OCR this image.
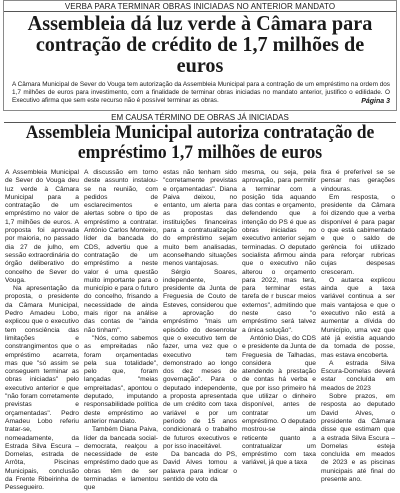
VERBA PARA TERMINAR OBRAS INICIADAS NO ANTERIOR MANDATO
Assembleia dá luz verde à Câmara para contração de crédito de 1,7 milhões de euros
A Câmara Municipal de Sever do Vouga tem autorização da Assembleia Municipal para a contração de um empréstimo na ordem dos 1,7 milhões de euros para investimento, com a finalidade de terminar obras iniciadas no mandato anterior, justifico o edilidade. O Executivo afirma que sem este recurso não é possível terminar as obras.	Página 3
EM CAUSA TÉRMINO DE OBRAS JÁ INICIADAS
Assembleia Municipal autoriza contratação de empréstimo 1,7 milhões de euros

A Assembleia Municipal de Sever do Vouga deu luz verde à Câmara Municipal para a contratação de um empréstimo no valor de 1,7 milhões de euros. A proposta foi aprovada por maioria, no passado dia 27 de julho, em sessão extraordinária do órgão deliberativo do concelho de Sever do Vouga.

Na apresentação da proposta, o presidente da Câmara Municipal, Pedro Amadeu Lobo, explicou que o executivo tem consciência das limitações e constrangimentos que o empréstimo acarreta, mas que "só assim se conseguem terminar as obras iniciadas" pelo executivo anterior e que "não foram corretamente previstas e orçamentadas". Pedro Amadeu Lobo referiu tratar-se, nomeadamente, da Estrada Silva Escura – Dornelas, estrada de Arrôta, Piscinas Municipais, conclusão da Frente Ribeirinha de Pessegueiro.

A discussão em torno deste assunto instalou-se na reunião, com pedidos de esclarecimentos e alertas sobre o tipo de empréstimo a contratar. António Carlos Monteiro, líder da bancada do CDS, advertiu que a contratação de um empréstimo a neste valor é uma questão muito importante para o município e para o futuro do concelho, frisando a necessidade de ainda mais rigor na análise das contas de "ainda não tinham".

"Nós, como sabemos as empreitadas não foram orçamentadas pela sua totalidade", pelo que, foram lançadas "meias empreitadas", apontou o deputado, imputando responsabilidade política deste empréstimo ao anterior mandato.

Também Diana Paiva, líder da bancada social-democrata, realçou a necessidade de este empréstimo dado que as obras têm de ser terminadas e lamentou que

estas não tenham sido "corretamente previstas e orçamentadas". Diana Paiva deixou, no entanto, um alerta para as propostas das instituições financeiras para a contratualização do empréstimo sejam muito bem analisadas, aconselhando situações menos vantajosas.

Sérgio Soares, independente, presidente da Junta de Freguesia de Couto de Esteves, considerou que a aprovação do empréstimo "mais um episódio do desenrolar que o executivo tem de fazer, uma vez que o executivo tem demonstrado ao longo dos dez meses de governação". Para o deputado independente, a proposta apresentada de um crédito com taxa variável e por um período de 15 anos condicionará o trabalho de futuros executivos e por isso inaceitável.

Da bancada do PS, David Alves tomou a palavra para indicar o sentido de voto da

mesma, ou seja, pela aprovação, para permitir a terminar com a posição tida aquando das contas e orçamento, defendendo que a intenção do PS é que as obras iniciadas no executivo anterior sejam terminadas. O deputado socialista afirmou ainda que o executivo não alterou o orçamento para 2022, mas terá, para terminar estas tarefa de r buscar meios externos", admitindo que neste caso "o empréstimo será talvez a única solução".

António Dias, do CDS e presidente da Junta de Freguesia de Talhadas, considera que atendendo à prestação de contas há verba e que por isso primeiro há que utilizar o dinheiro disponível, antes de contratar um empréstimo. O deputado mostrou-se ainda reticente quanto a contratualizar um empréstimo com taxa variável, já que a taxa

fixa é preferível se se pensar nas gerações vindouras.

Em resposta, o presidente da Câmara foi dizendo que a verba disponível é para pagar o que está cabimentado e que o saldo de gerência foi utilizado para reforçar rubricas cujas despesas cresceram.

O autarca explicou ainda que a taxa variável continua a ser mais vantajosa e que o executivo não está a aumentar a dívida do Município, uma vez que até já existia aquando da tomada de posse, mas estava encoberta.

A estrada Silva Escura-Dornelas deverá estar concluída em meados de 2023

Sobre prazos, em resposta ao deputado David Alves, o presidente da Câmara disse que estimam que a estrada Silva Escura – Dornelas esteja concluída em meados de 2023 e as piscinas municipais até final do presente ano.
